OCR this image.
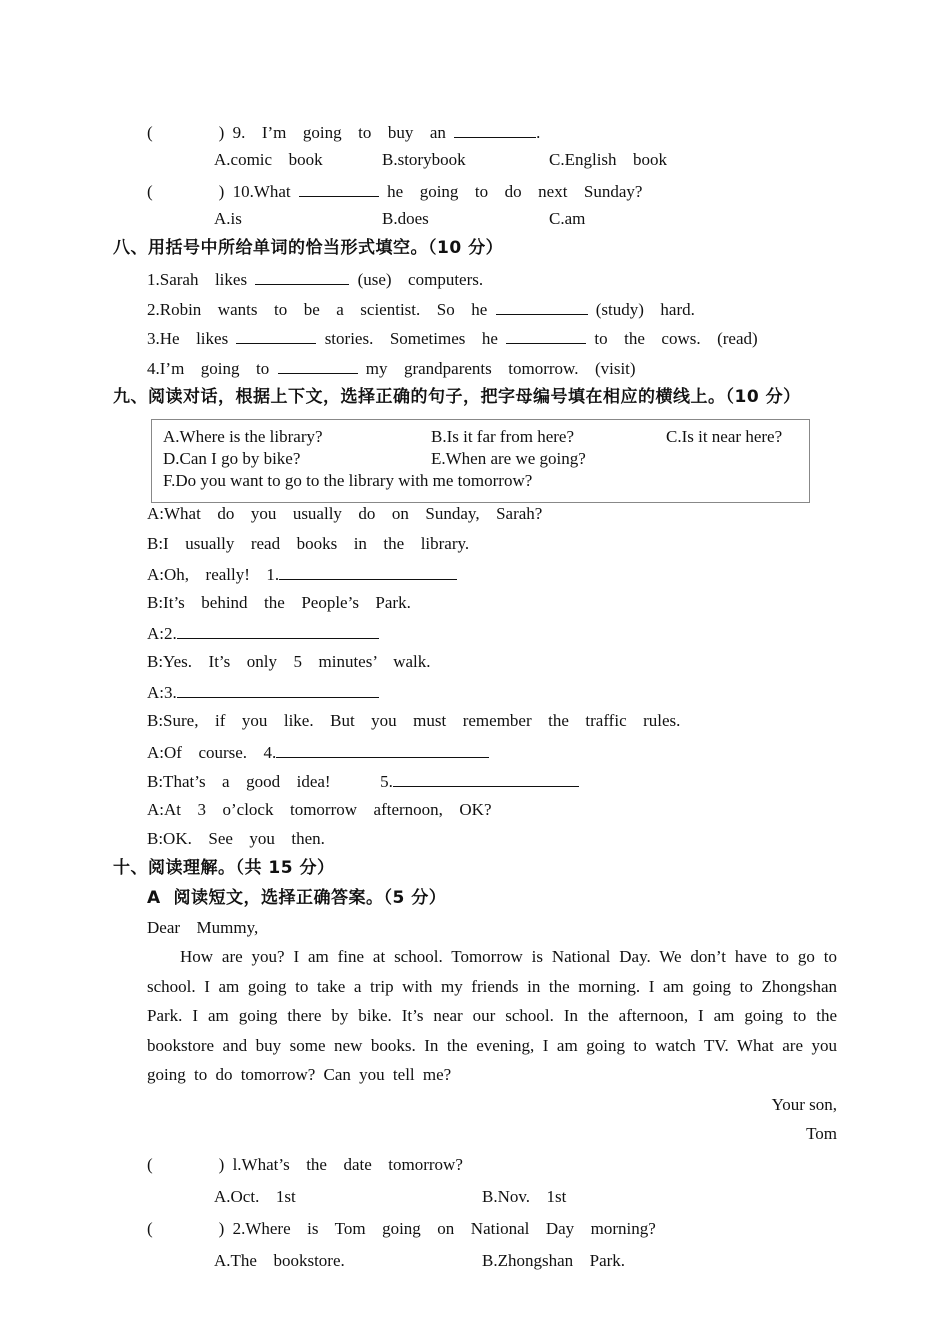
(        ) 9.  I’m  going  to  buy  an	.
A.comic  book	B.storybook	C.English  book
(        ) 10.What	he  going  to  do  next  Sunday?
A.is	B.does	C.am
八、用括号中所给单词的恰当形式填空。（10 分）
1.Sarah  likes	(use)  computers.
2.Robin  wants  to  be  a  scientist.  So  he	(study)  hard.
3.He  likes	stories.  Sometimes  he	to  the  cows.  (read)
4.I’m  going  to	my  grandparents  tomorrow.  (visit)
九、阅读对话，根据上下文，选择正确的句子，把字母编号填在相应的横线上。（10 分）
A.Where is the library?	B.Is it far from here?	C.Is it near here?
D.Can I go by bike?	E.When are we going?
F.Do you want to go to the library with me tomorrow?
A:What  do  you  usually  do  on  Sunday,  Sarah?
B:I  usually  read  books  in  the  library.
A:Oh,  really!  1.
B:It’s  behind  the  People’s  Park.
A:2.
B:Yes.  It’s  only  5  minutes’  walk.
A:3.
B:Sure,  if  you  like.  But  you  must  remember  the  traffic  rules.
A:Of  course.  4.
B:That’s  a  good  idea!      5.
A:At  3  o’clock  tomorrow  afternoon,  OK?
B:OK.  See  you  then.
十、阅读理解。（共 15 分）
A  阅读短文，选择正确答案。（5 分）
Dear  Mummy,
How are you? I am fine at school. Tomorrow is National Day. We don’t have to go to school. I am going to take a trip with my friends in the morning. I am going to Zhongshan Park. I am going there by bike. It’s near our school. In the afternoon, I am going to the bookstore and buy some new books. In the evening, I am going to watch TV. What are you going to do tomorrow? Can you tell me?
Your son,
Tom
(        ) l.What’s  the  date  tomorrow?
A.Oct.  1st	B.Nov.  1st
(        ) 2.Where  is  Tom  going  on  National  Day  morning?
A.The  bookstore.	B.Zhongshan  Park.
